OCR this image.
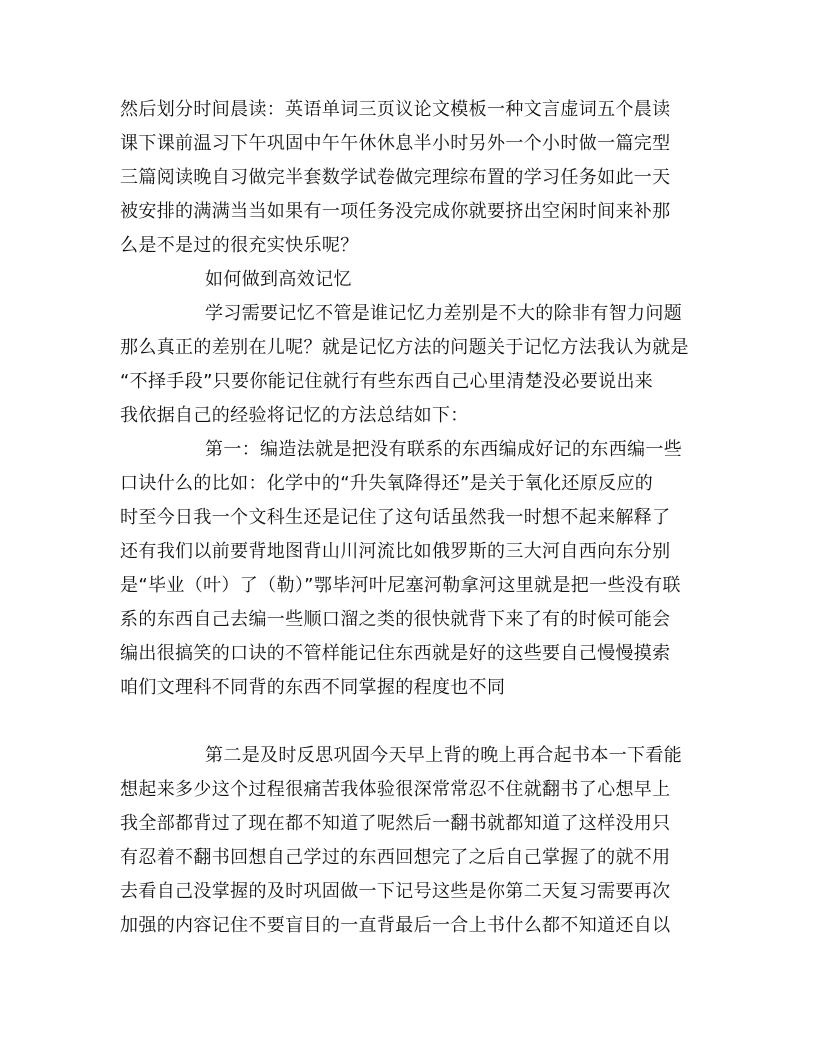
然后划分时间晨读：英语单词三页议论文模板一种文言虚词五个晨读
课下课前温习下午巩固中午午休休息半小时另外一个小时做一篇完型
三篇阅读晚自习做完半套数学试卷做完理综布置的学习任务如此一天
被安排的满满当当如果有一项任务没完成你就要挤出空闲时间来补那
么是不是过的很充实快乐呢？
如何做到高效记忆
学习需要记忆不管是谁记忆力差别是不大的除非有智力问题
那么真正的差别在儿呢？就是记忆方法的问题关于记忆方法我认为就是
“不择手段”只要你能记住就行有些东西自己心里清楚没必要说出来
我依据自己的经验将记忆的方法总结如下：
第一：编造法就是把没有联系的东西编成好记的东西编一些
口诀什么的比如：化学中的“升失氧降得还”是关于氧化还原反应的
时至今日我一个文科生还是记住了这句话虽然我一时想不起来解释了
还有我们以前要背地图背山川河流比如俄罗斯的三大河自西向东分别
是“毕业（叶）了（勒）”鄂毕河叶尼塞河勒拿河这里就是把一些没有联
系的东西自己去编一些顺口溜之类的很快就背下来了有的时候可能会
编出很搞笑的口诀的不管样能记住东西就是好的这些要自己慢慢摸索
咱们文理科不同背的东西不同掌握的程度也不同
第二是及时反思巩固今天早上背的晚上再合起书本一下看能
想起来多少这个过程很痛苦我体验很深常常忍不住就翻书了心想早上
我全部都背过了现在都不知道了呢然后一翻书就都知道了这样没用只
有忍着不翻书回想自己学过的东西回想完了之后自己掌握了的就不用
去看自己没掌握的及时巩固做一下记号这些是你第二天复习需要再次
加强的内容记住不要盲目的一直背最后一合上书什么都不知道还自以
